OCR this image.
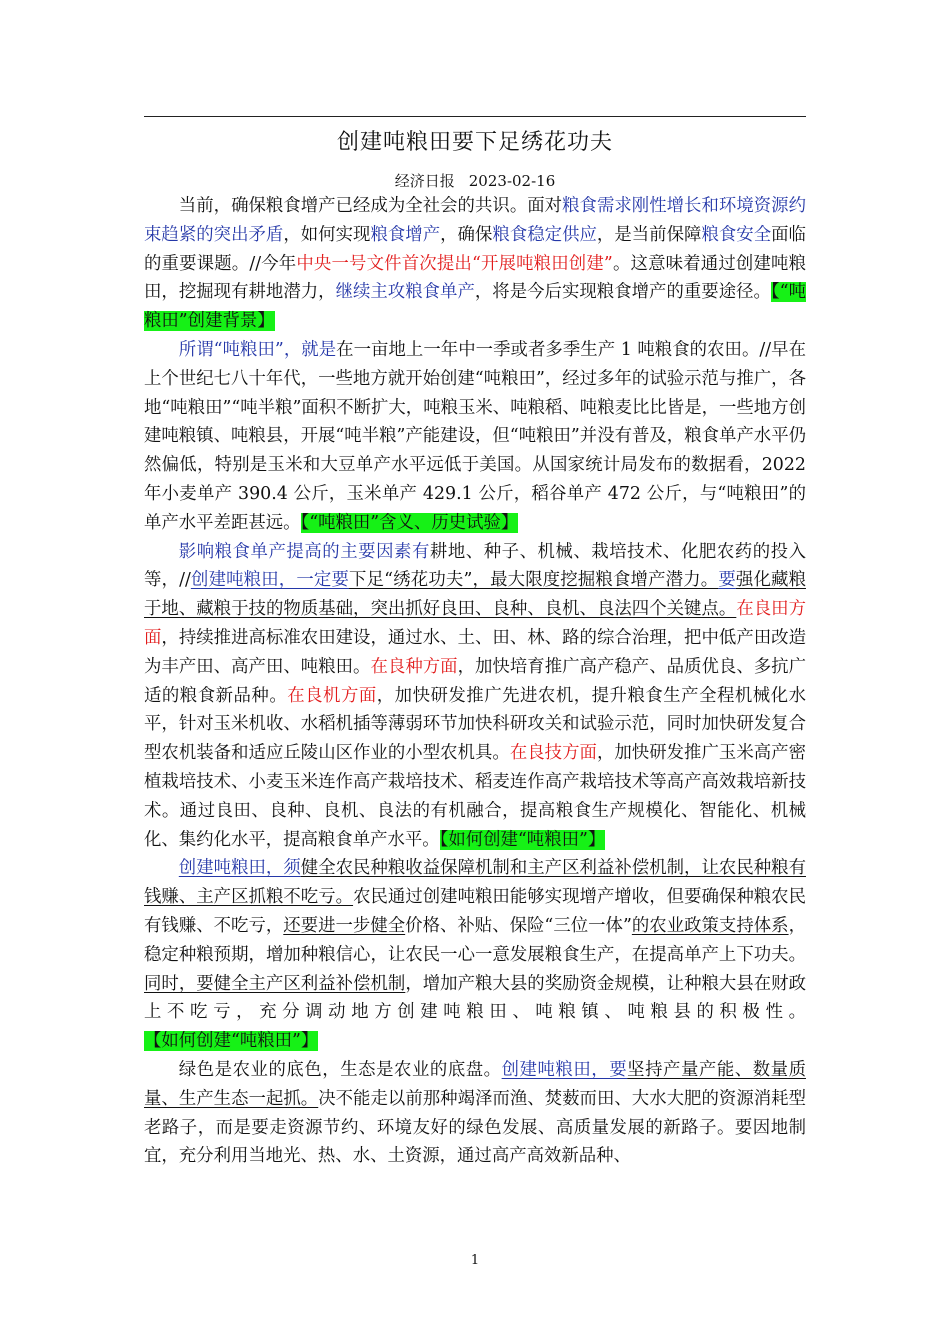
创建吨粮田要下足绣花功夫
经济日报 2023-02-16

当前，确保粮食增产已经成为全社会的共识。面对粮食需求刚性增长和环境资源约束趋紧的突出矛盾，如何实现粮食增产，确保粮食稳定供应，是当前保障粮食安全面临的重要课题。//今年中央一号文件首次提出“开展吨粮田创建”。这意味着通过创建吨粮田，挖掘现有耕地潜力，继续主攻粮食单产，将是今后实现粮食增产的重要途径。【“吨粮田”创建背景】

所谓“吨粮田”，就是在一亩地上一年中一季或者多季生产 1 吨粮食的农田。//早在上个世纪七八十年代，一些地方就开始创建“吨粮田”，经过多年的试验示范与推广，各地“吨粮田”“吨半粮”面积不断扩大，吨粮玉米、吨粮稻、吨粮麦比比皆是，一些地方创建吨粮镇、吨粮县，开展“吨半粮”产能建设，但“吨粮田”并没有普及，粮食单产水平仍然偏低，特别是玉米和大豆单产水平远低于美国。从国家统计局发布的数据看，2022 年小麦单产 390.4 公斤，玉米单产 429.1 公斤，稻谷单产 472 公斤，与“吨粮田”的单产水平差距甚远。【“吨粮田”含义、历史试验】

影响粮食单产提高的主要因素有耕地、种子、机械、栽培技术、化肥农药的投入等，//创建吨粮田，一定要下足“绣花功夫”，最大限度挖掘粮食增产潜力。要强化藏粮于地、藏粮于技的物质基础，突出抓好良田、良种、良机、良法四个关键点。在良田方面，持续推进高标准农田建设，通过水、土、田、林、路的综合治理，把中低产田改造为丰产田、高产田、吨粮田。在良种方面，加快培育推广高产稳产、品质优良、多抗广适的粮食新品种。在良机方面，加快研发推广先进农机，提升粮食生产全程机械化水平，针对玉米机收、水稻机插等薄弱环节加快科研攻关和试验示范，同时加快研发复合型农机装备和适应丘陵山区作业的小型农机具。在良技方面，加快研发推广玉米高产密植栽培技术、小麦玉米连作高产栽培技术、稻麦连作高产栽培技术等高产高效栽培新技术。通过良田、良种、良机、良法的有机融合，提高粮食生产规模化、智能化、机械化、集约化水平，提高粮食单产水平。【如何创建“吨粮田”】

创建吨粮田，须健全农民种粮收益保障机制和主产区利益补偿机制，让农民种粮有钱赚、主产区抓粮不吃亏。农民通过创建吨粮田能够实现增产增收，但要确保种粮农民有钱赚、不吃亏，还要进一步健全价格、补贴、保险“三位一体”的农业政策支持体系，稳定种粮预期，增加种粮信心，让农民一心一意发展粮食生产，在提高单产上下功夫。同时，要健全主产区利益补偿机制，增加产粮大县的奖励资金规模，让种粮大县在财政上不吃亏，充分调动地方创建吨粮田、吨粮镇、吨粮县的积极性。【如何创建“吨粮田”】

绿色是农业的底色，生态是农业的底盘。创建吨粮田，要坚持产量产能、数量质量、生产生态一起抓。决不能走以前那种竭泽而渔、焚薮而田、大水大肥的资源消耗型老路子，而是要走资源节约、环境友好的绿色发展、高质量发展的新路子。要因地制宜，充分利用当地光、热、水、土资源，通过高产高效新品种、

1
